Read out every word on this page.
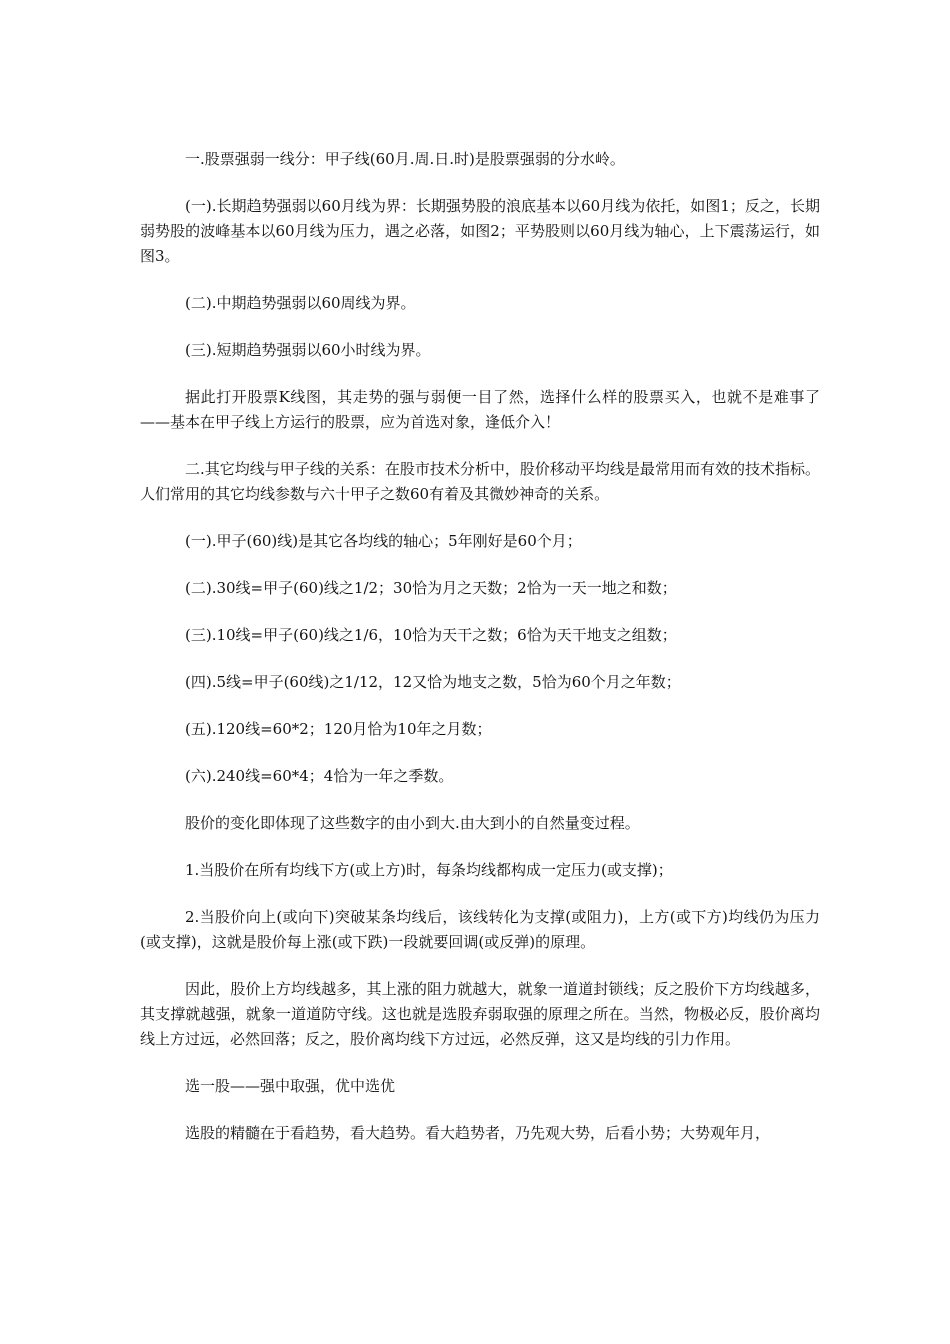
一.股票强弱一线分：甲子线(60月.周.日.时)是股票强弱的分水岭。

(一).长期趋势强弱以60月线为界：长期强势股的浪底基本以60月线为依托，如图1；反之，长期弱势股的波峰基本以60月线为压力，遇之必落，如图2；平势股则以60月线为轴心，上下震荡运行，如图3。

(二).中期趋势强弱以60周线为界。

(三).短期趋势强弱以60小时线为界。

据此打开股票K线图，其走势的强与弱便一目了然，选择什么样的股票买入，也就不是难事了——基本在甲子线上方运行的股票，应为首选对象，逢低介入！

二.其它均线与甲子线的关系：在股市技术分析中，股价移动平均线是最常用而有效的技术指标。人们常用的其它均线参数与六十甲子之数60有着及其微妙神奇的关系。

(一).甲子(60)线)是其它各均线的轴心；5年刚好是60个月；

(二).30线=甲子(60)线之1/2；30恰为月之天数；2恰为一天一地之和数；

(三).10线=甲子(60)线之1/6，10恰为天干之数；6恰为天干地支之组数；

(四).5线=甲子(60线)之1/12，12又恰为地支之数，5恰为60个月之年数；

(五).120线=60*2；120月恰为10年之月数；

(六).240线=60*4；4恰为一年之季数。

股价的变化即体现了这些数字的由小到大.由大到小的自然量变过程。

1.当股价在所有均线下方(或上方)时，每条均线都构成一定压力(或支撑)；

2.当股价向上(或向下)突破某条均线后，该线转化为支撑(或阻力)，上方(或下方)均线仍为压力(或支撑)，这就是股价每上涨(或下跌)一段就要回调(或反弹)的原理。

因此，股价上方均线越多，其上涨的阻力就越大，就象一道道封锁线；反之股价下方均线越多，其支撑就越强，就象一道道防守线。这也就是选股弃弱取强的原理之所在。当然，物极必反，股价离均线上方过远，必然回落；反之，股价离均线下方过远，必然反弹，这又是均线的引力作用。

选一股——强中取强，优中选优

选股的精髓在于看趋势，看大趋势。看大趋势者，乃先观大势，后看小势；大势观年月，
